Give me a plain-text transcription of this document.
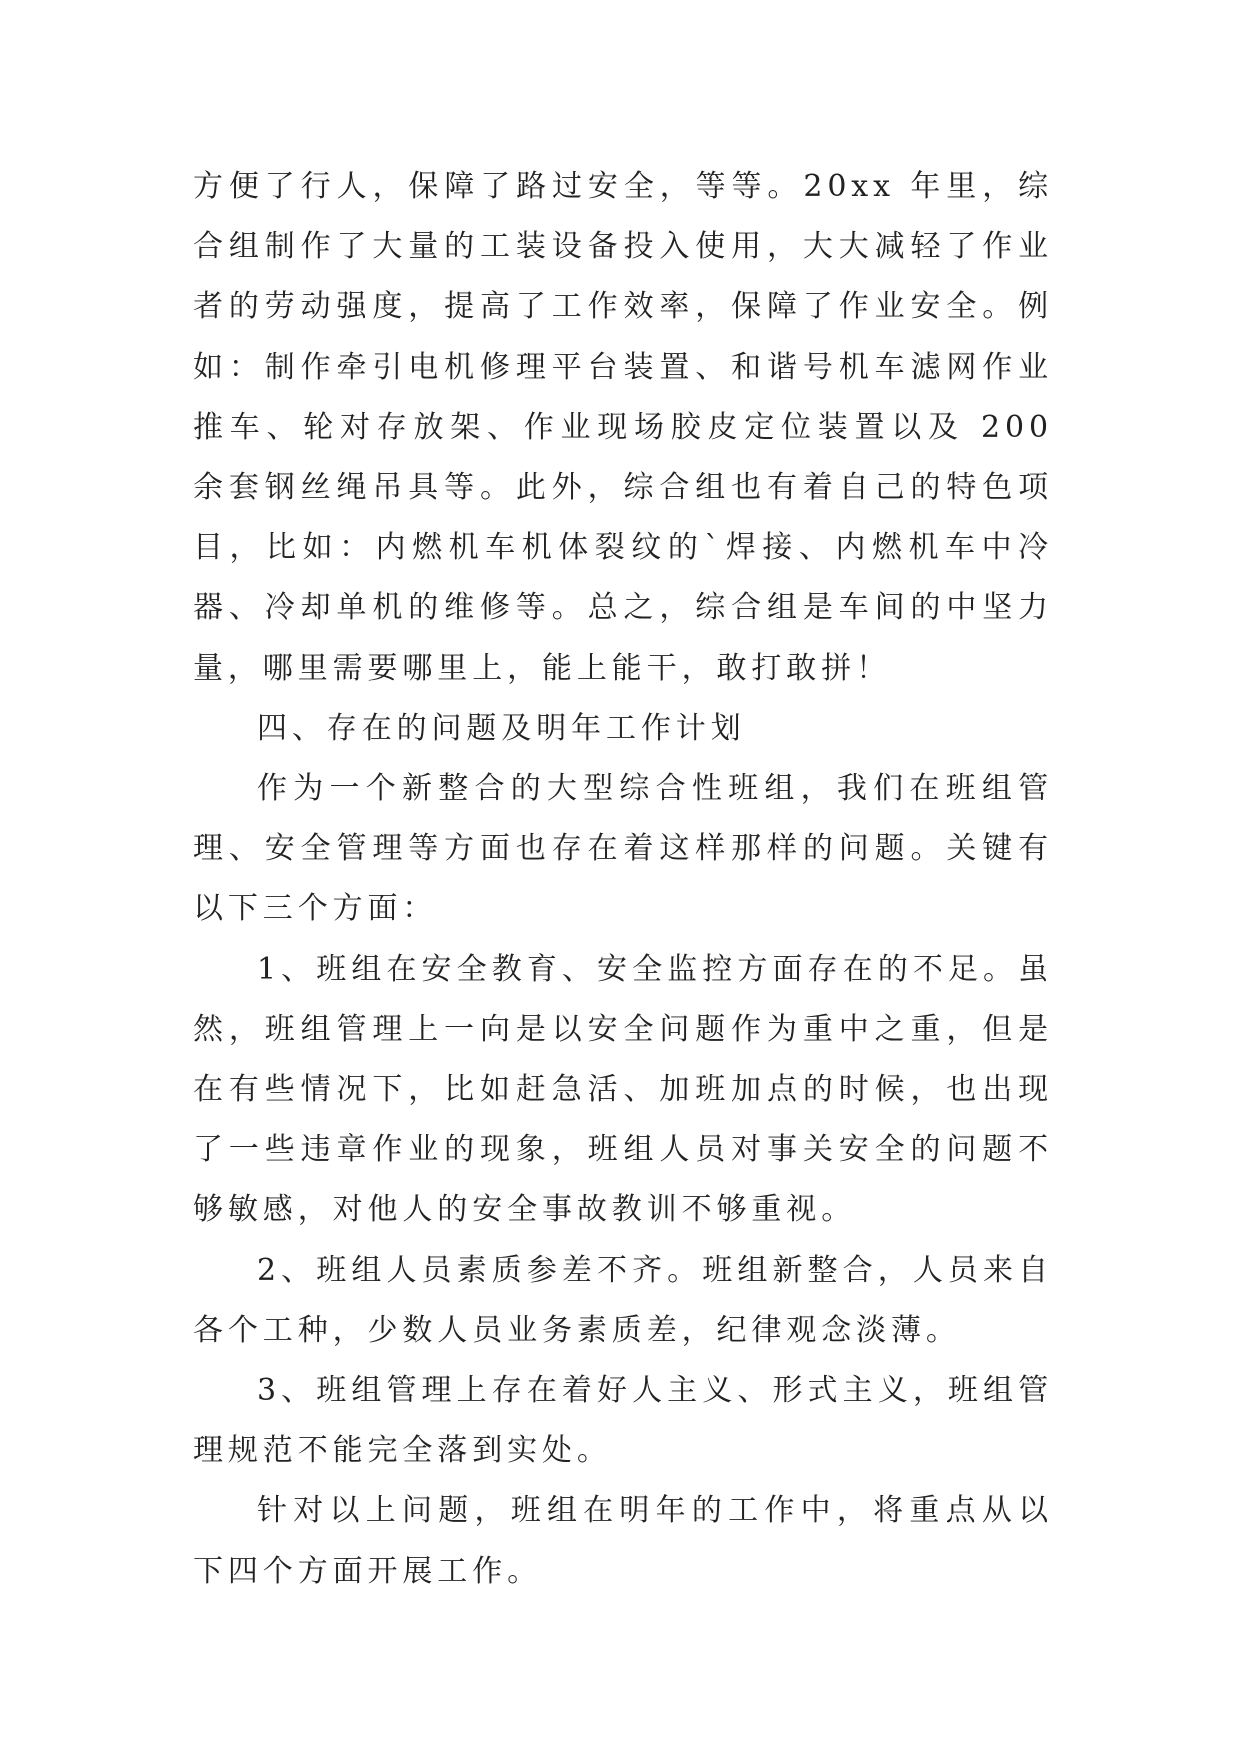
方便了行人，保障了路过安全，等等。20xx 年里，综合组制作了大量的工装设备投入使用，大大减轻了作业者的劳动强度，提高了工作效率，保障了作业安全。例如：制作牵引电机修理平台装置、和谐号机车滤网作业推车、轮对存放架、作业现场胶皮定位装置以及 200 余套钢丝绳吊具等。此外，综合组也有着自己的特色项目，比如：内燃机车机体裂纹的`焊接、内燃机车中冷器、冷却单机的维修等。总之，综合组是车间的中坚力量，哪里需要哪里上，能上能干，敢打敢拼！

四、存在的问题及明年工作计划

作为一个新整合的大型综合性班组，我们在班组管理、安全管理等方面也存在着这样那样的问题。关键有以下三个方面：

1、班组在安全教育、安全监控方面存在的不足。虽然，班组管理上一向是以安全问题作为重中之重，但是在有些情况下，比如赶急活、加班加点的时候，也出现了一些违章作业的现象，班组人员对事关安全的问题不够敏感，对他人的安全事故教训不够重视。

2、班组人员素质参差不齐。班组新整合，人员来自各个工种，少数人员业务素质差，纪律观念淡薄。

3、班组管理上存在着好人主义、形式主义，班组管理规范不能完全落到实处。

针对以上问题，班组在明年的工作中，将重点从以下四个方面开展工作。
